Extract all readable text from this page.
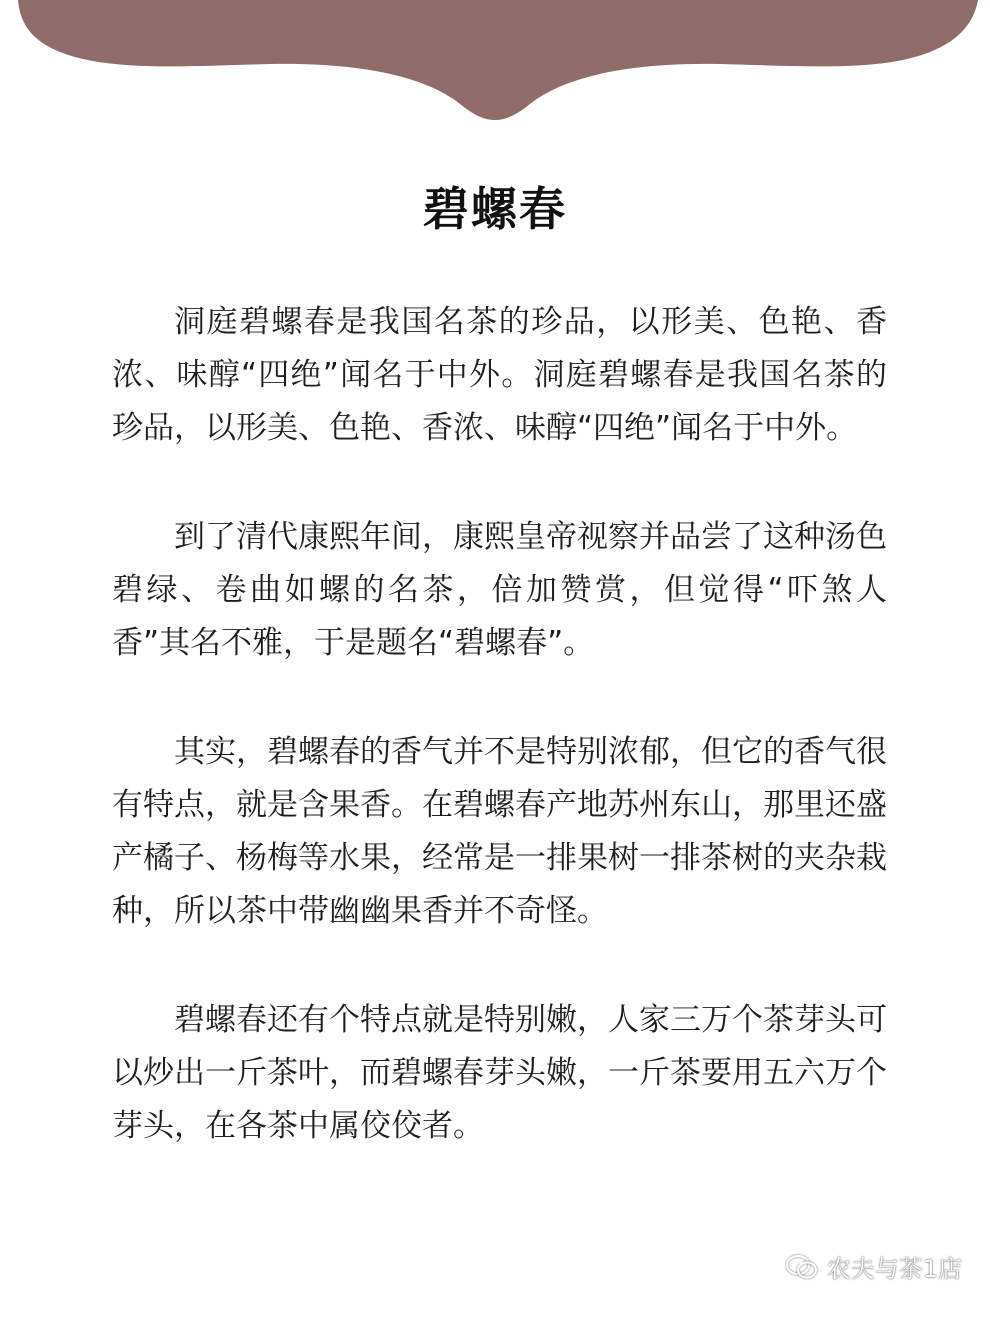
碧螺春

洞庭碧螺春是我国名茶的珍品，以形美、色艳、香浓、味醇“四绝”闻名于中外。洞庭碧螺春是我国名茶的珍品，以形美、色艳、香浓、味醇“四绝”闻名于中外。

到了清代康熙年间，康熙皇帝视察并品尝了这种汤色碧绿、卷曲如螺的名茶，倍加赞赏，但觉得“吓煞人香”其名不雅，于是题名“碧螺春”。

其实，碧螺春的香气并不是特别浓郁，但它的香气很有特点，就是含果香。在碧螺春产地苏州东山，那里还盛产橘子、杨梅等水果，经常是一排果树一排茶树的夹杂栽种，所以茶中带幽幽果香并不奇怪。

碧螺春还有个特点就是特别嫩，人家三万个茶芽头可以炒出一斤茶叶，而碧螺春芽头嫩，一斤茶要用五六万个芽头，在各茶中属佼佼者。

农夫与茶1店
